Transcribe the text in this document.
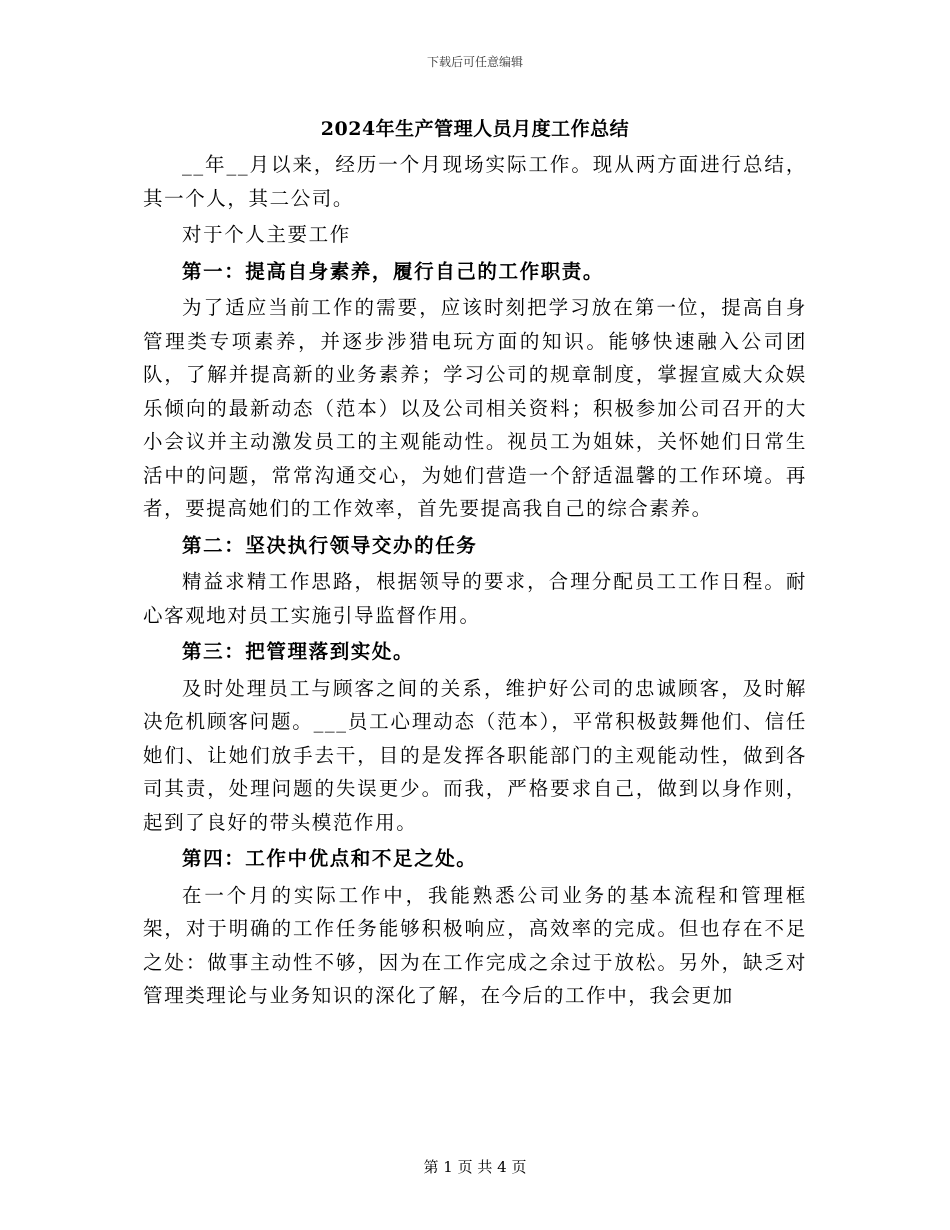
下载后可任意编辑
2024年生产管理人员月度工作总结

__年__月以来，经历一个月现场实际工作。现从两方面进行总结，其一个人，其二公司。

对于个人主要工作

第一：提高自身素养，履行自己的工作职责。

为了适应当前工作的需要，应该时刻把学习放在第一位，提高自身管理类专项素养，并逐步涉猎电玩方面的知识。能够快速融入公司团队，了解并提高新的业务素养；学习公司的规章制度，掌握宣威大众娱乐倾向的最新动态（范本）以及公司相关资料；积极参加公司召开的大小会议并主动激发员工的主观能动性。视员工为姐妹，关怀她们日常生活中的问题，常常沟通交心，为她们营造一个舒适温馨的工作环境。再者，要提高她们的工作效率，首先要提高我自己的综合素养。

第二：坚决执行领导交办的任务

精益求精工作思路，根据领导的要求，合理分配员工工作日程。耐心客观地对员工实施引导监督作用。

第三：把管理落到实处。

及时处理员工与顾客之间的关系，维护好公司的忠诚顾客，及时解决危机顾客问题。___员工心理动态（范本），平常积极鼓舞他们、信任她们、让她们放手去干，目的是发挥各职能部门的主观能动性，做到各司其责，处理问题的失误更少。而我，严格要求自己，做到以身作则，起到了良好的带头模范作用。

第四：工作中优点和不足之处。

在一个月的实际工作中，我能熟悉公司业务的基本流程和管理框架，对于明确的工作任务能够积极响应，高效率的完成。但也存在不足之处：做事主动性不够，因为在工作完成之余过于放松。另外，缺乏对管理类理论与业务知识的深化了解，在今后的工作中，我会更加

第 1 页 共 4 页
